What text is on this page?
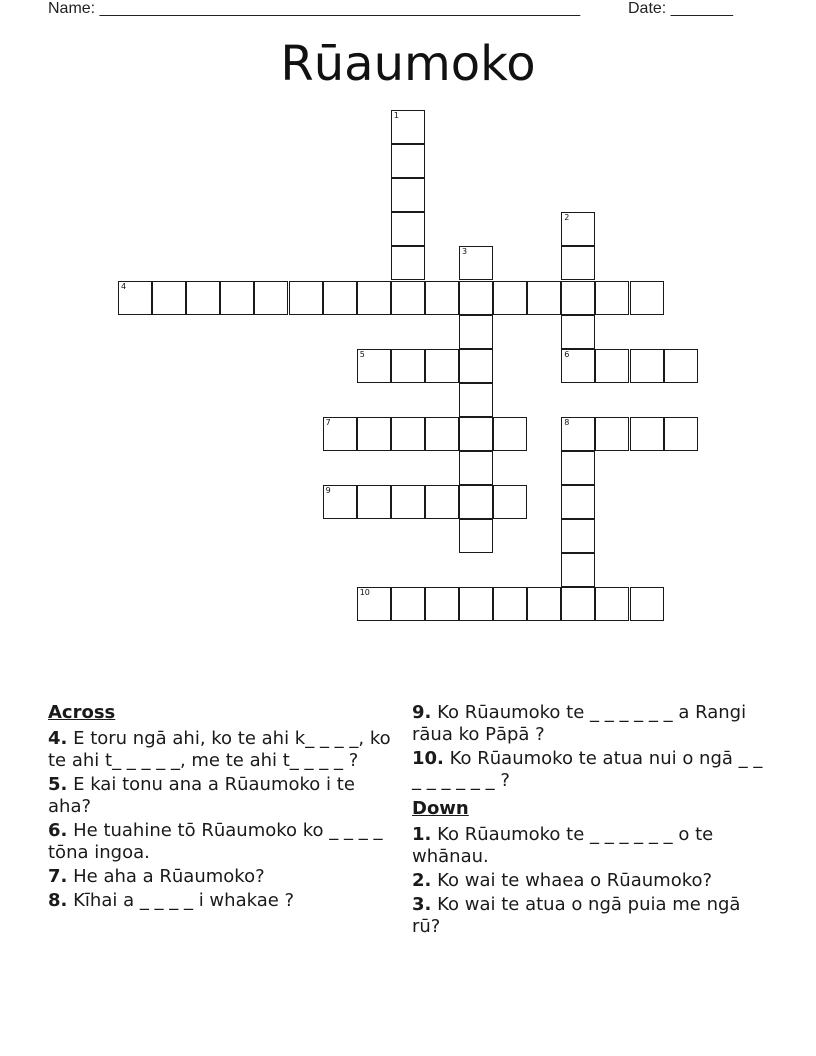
Name: ______________________________________________________	Date: _______
Rūaumoko
1
2
3
4
5	6
7	8
9
10
Across
4. E toru ngā ahi, ko te ahi k_ _ _ _, ko te ahi t_ _ _ _ _, me te ahi t_ _ _ _ ?
5. E kai tonu ana a Rūaumoko i te aha?
6. He tuahine tō Rūaumoko ko _ _ _ _ tōna ingoa.
7. He aha a Rūaumoko?
8. Kīhai a _ _ _ _ i whakae ?
9. Ko Rūaumoko te _ _ _ _ _ _ a Rangi rāua ko Pāpā ?
10. Ko Rūaumoko te atua nui o ngā _ _ _ _ _ _ _ _ ?
Down
1. Ko Rūaumoko te _ _ _ _ _ _ o te whānau.
2. Ko wai te whaea o Rūaumoko?
3. Ko wai te atua o ngā puia me ngā rū?
